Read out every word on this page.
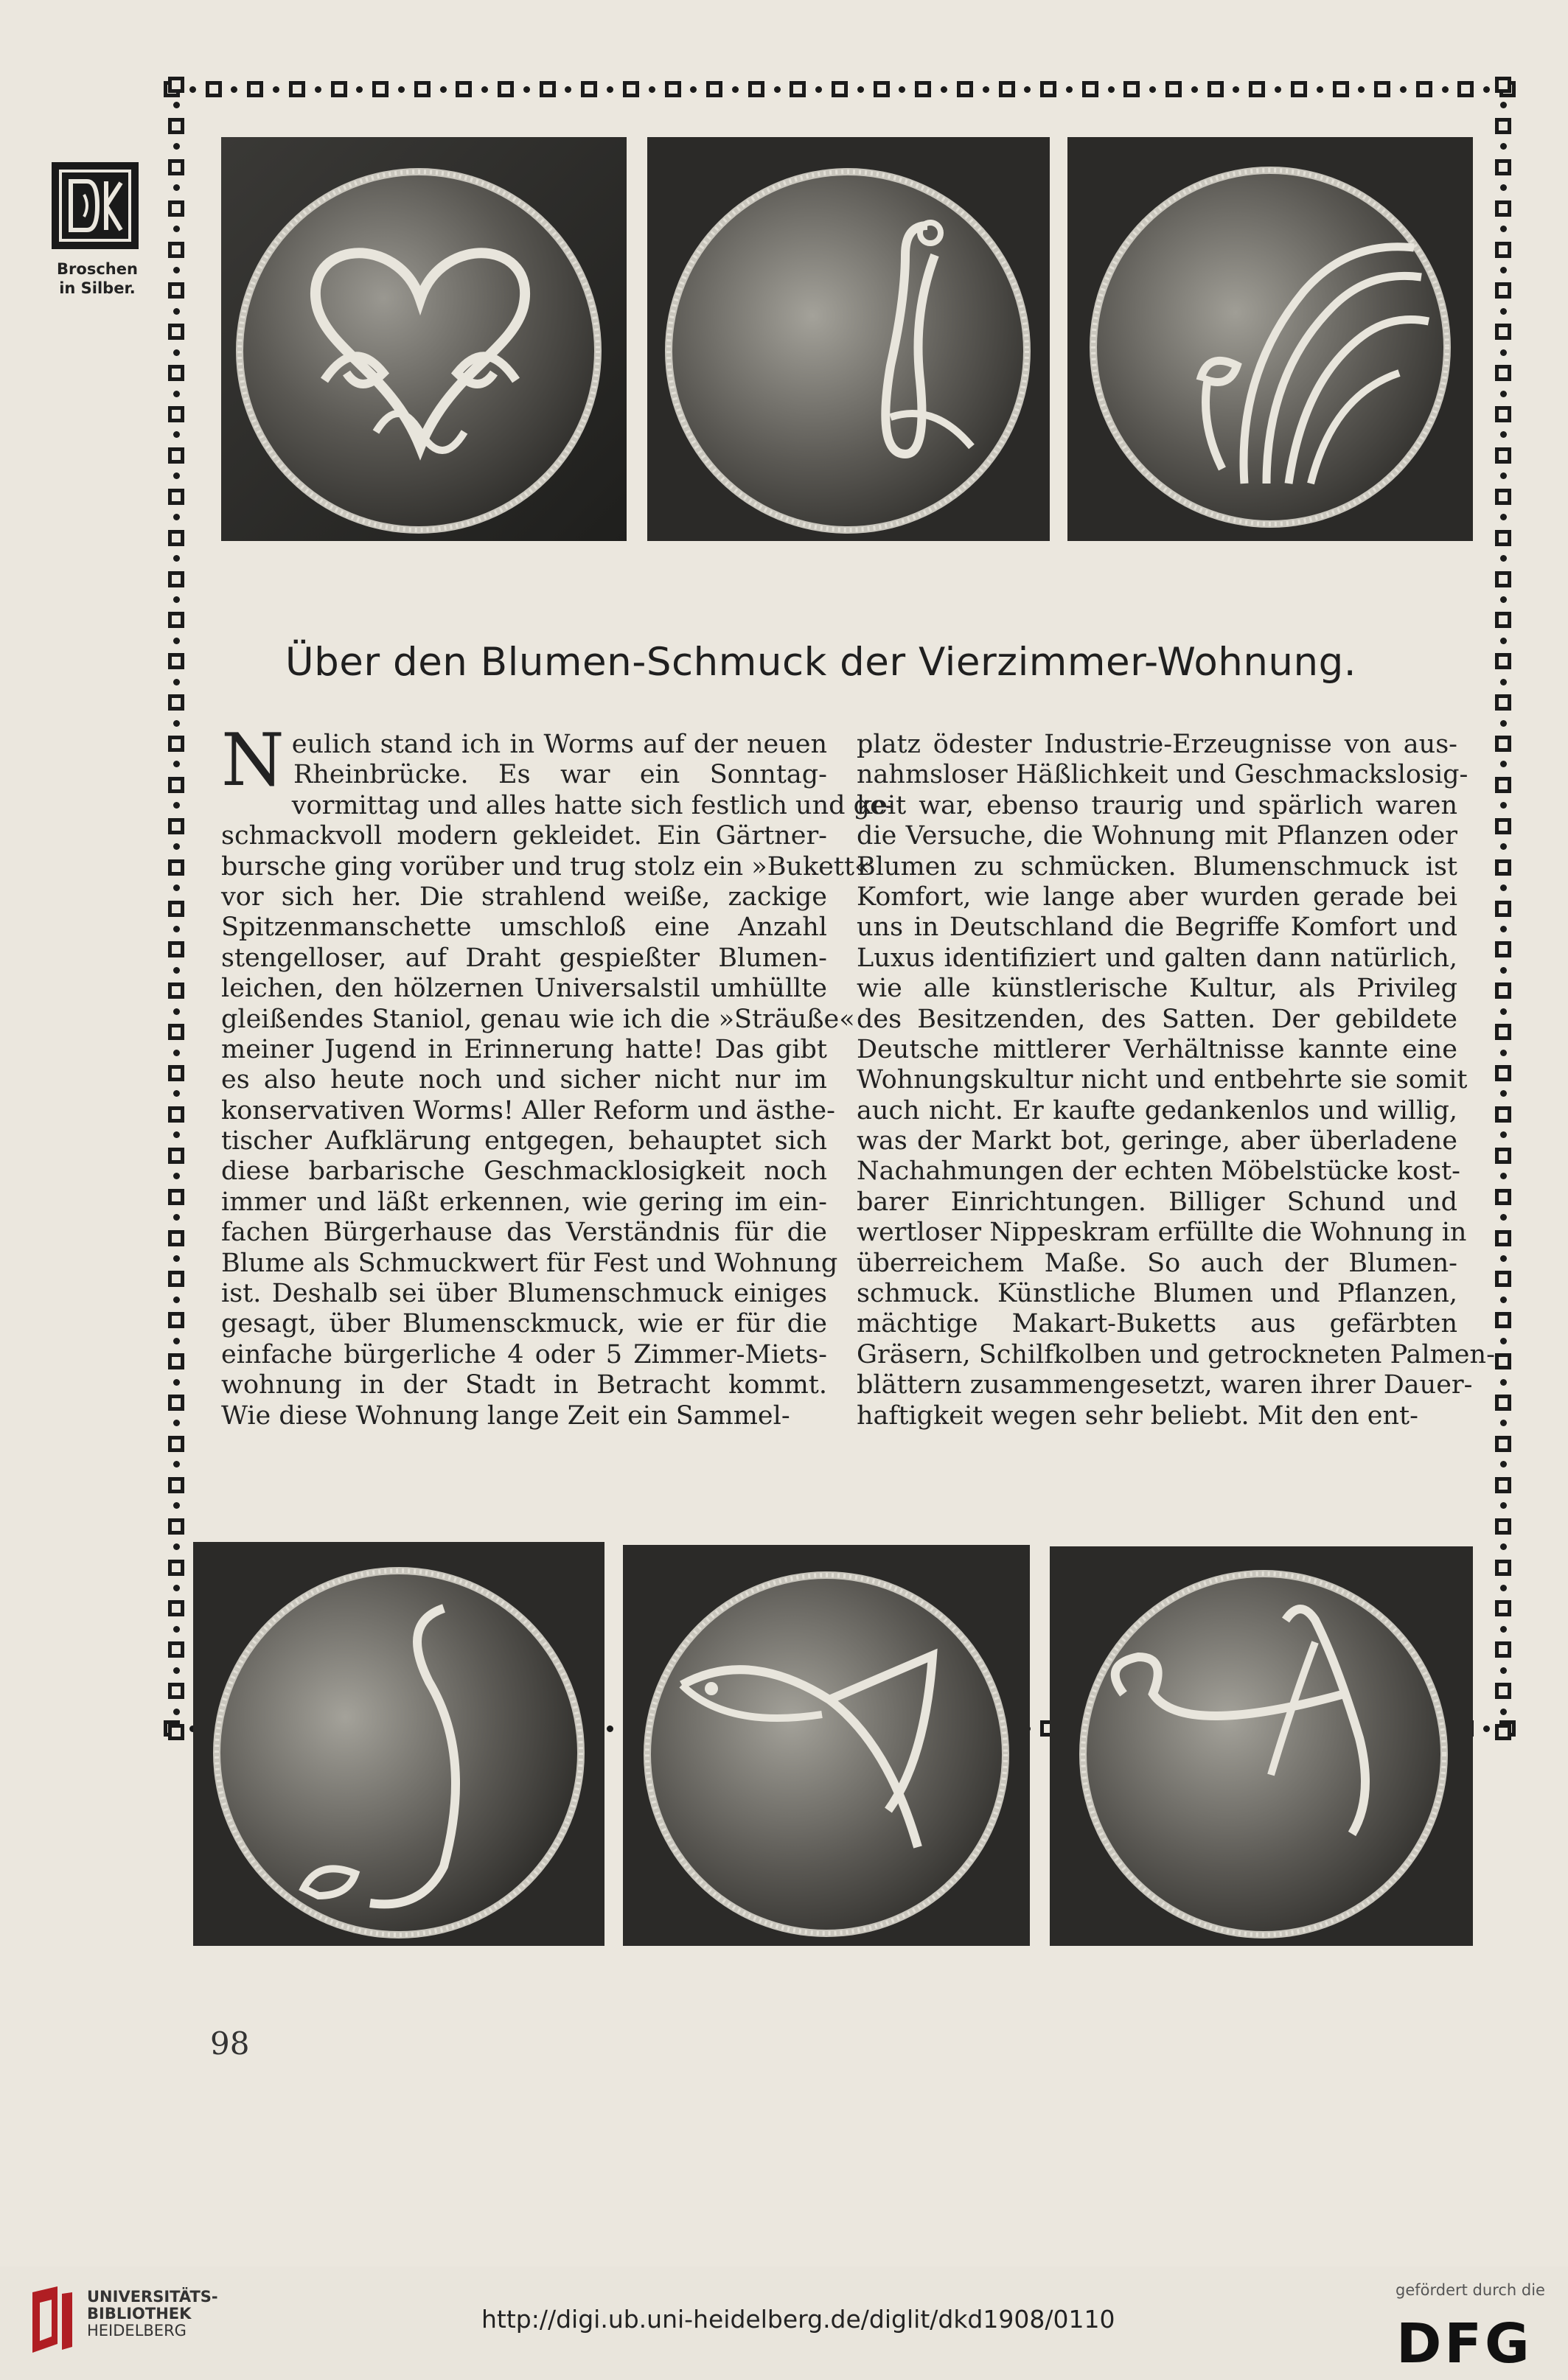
Broschen
in Silber.
Über den Blumen-Schmuck der Vierzimmer-Wohnung.
N eulich stand ich in Worms auf der neuen
Rheinbrücke. Es war ein Sonntag-
vormittag und alles hatte sich festlich und ge-
schmackvoll modern gekleidet. Ein Gärtner-
bursche ging vorüber und trug stolz ein »Bukett«
vor sich her. Die strahlend weiße, zackige
Spitzenmanschette umschloß eine Anzahl
stengelloser, auf Draht gespießter Blumen-
leichen, den hölzernen Universalstil umhüllte
gleißendes Staniol, genau wie ich die »Sträuße«
meiner Jugend in Erinnerung hatte! Das gibt
es also heute noch und sicher nicht nur im
konservativen Worms! Aller Reform und ästhe-
tischer Aufklärung entgegen, behauptet sich
diese barbarische Geschmacklosigkeit noch
immer und läßt erkennen, wie gering im ein-
fachen Bürgerhause das Verständnis für die
Blume als Schmuckwert für Fest und Wohnung
ist. Deshalb sei über Blumenschmuck einiges
gesagt, über Blumensckmuck, wie er für die
einfache bürgerliche 4 oder 5 Zimmer-Miets-
wohnung in der Stadt in Betracht kommt.
Wie diese Wohnung lange Zeit ein Sammel-
platz ödester Industrie-Erzeugnisse von aus-
nahmsloser Häßlichkeit und Geschmackslosig-
keit war, ebenso traurig und spärlich waren
die Versuche, die Wohnung mit Pflanzen oder
Blumen zu schmücken. Blumenschmuck ist
Komfort, wie lange aber wurden gerade bei
uns in Deutschland die Begriffe Komfort und
Luxus identifiziert und galten dann natürlich,
wie alle künstlerische Kultur, als Privileg
des Besitzenden, des Satten. Der gebildete
Deutsche mittlerer Verhältnisse kannte eine
Wohnungskultur nicht und entbehrte sie somit
auch nicht. Er kaufte gedankenlos und willig,
was der Markt bot, geringe, aber überladene
Nachahmungen der echten Möbelstücke kost-
barer Einrichtungen. Billiger Schund und
wertloser Nippeskram erfüllte die Wohnung in
überreichem Maße. So auch der Blumen-
schmuck. Künstliche Blumen und Pflanzen,
mächtige Makart-Buketts aus gefärbten
Gräsern, Schilfkolben und getrockneten Palmen-
blättern zusammengesetzt, waren ihrer Dauer-
haftigkeit wegen sehr beliebt. Mit den ent-
98
UNIVERSITÄTS-
BIBLIOTHEK
HEIDELBERG	http://digi.ub.uni-heidelberg.de/diglit/dkd1908/0110
gefördert durch die
DFG
